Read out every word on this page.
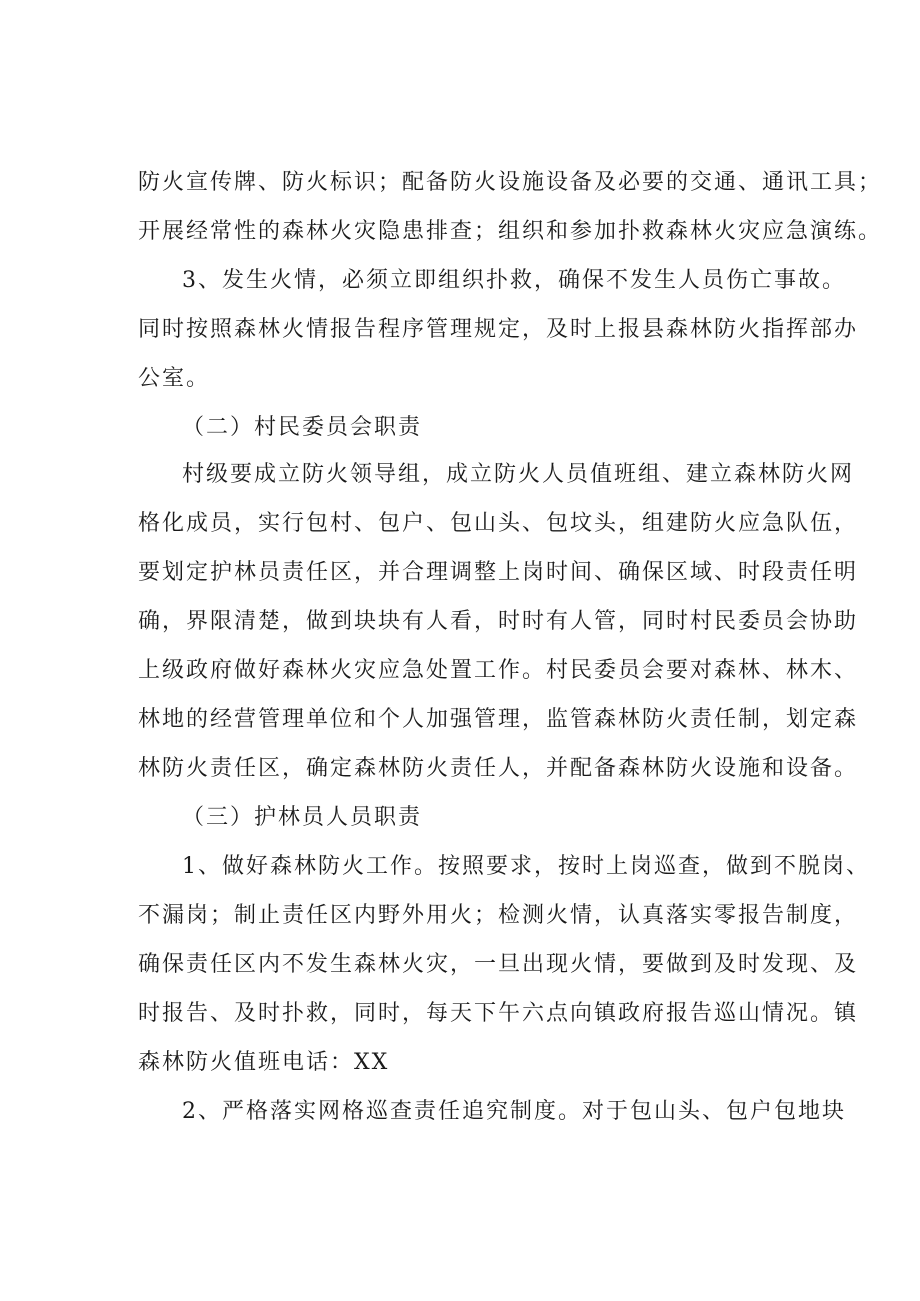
防火宣传牌、防火标识；配备防火设施设备及必要的交通、通讯工具；
开展经常性的森林火灾隐患排查；组织和参加扑救森林火灾应急演练。
3、发生火情，必须立即组织扑救，确保不发生人员伤亡事故。
同时按照森林火情报告程序管理规定，及时上报县森林防火指挥部办
公室。
（二）村民委员会职责
村级要成立防火领导组，成立防火人员值班组、建立森林防火网
格化成员，实行包村、包户、包山头、包坟头，组建防火应急队伍，
要划定护林员责任区，并合理调整上岗时间、确保区域、时段责任明
确，界限清楚，做到块块有人看，时时有人管，同时村民委员会协助
上级政府做好森林火灾应急处置工作。村民委员会要对森林、林木、
林地的经营管理单位和个人加强管理，监管森林防火责任制，划定森
林防火责任区，确定森林防火责任人，并配备森林防火设施和设备。
（三）护林员人员职责
1、做好森林防火工作。按照要求，按时上岗巡查，做到不脱岗、
不漏岗；制止责任区内野外用火；检测火情，认真落实零报告制度，
确保责任区内不发生森林火灾，一旦出现火情，要做到及时发现、及
时报告、及时扑救，同时，每天下午六点向镇政府报告巡山情况。镇
森林防火值班电话：XX
2、严格落实网格巡查责任追究制度。对于包山头、包户包地块
